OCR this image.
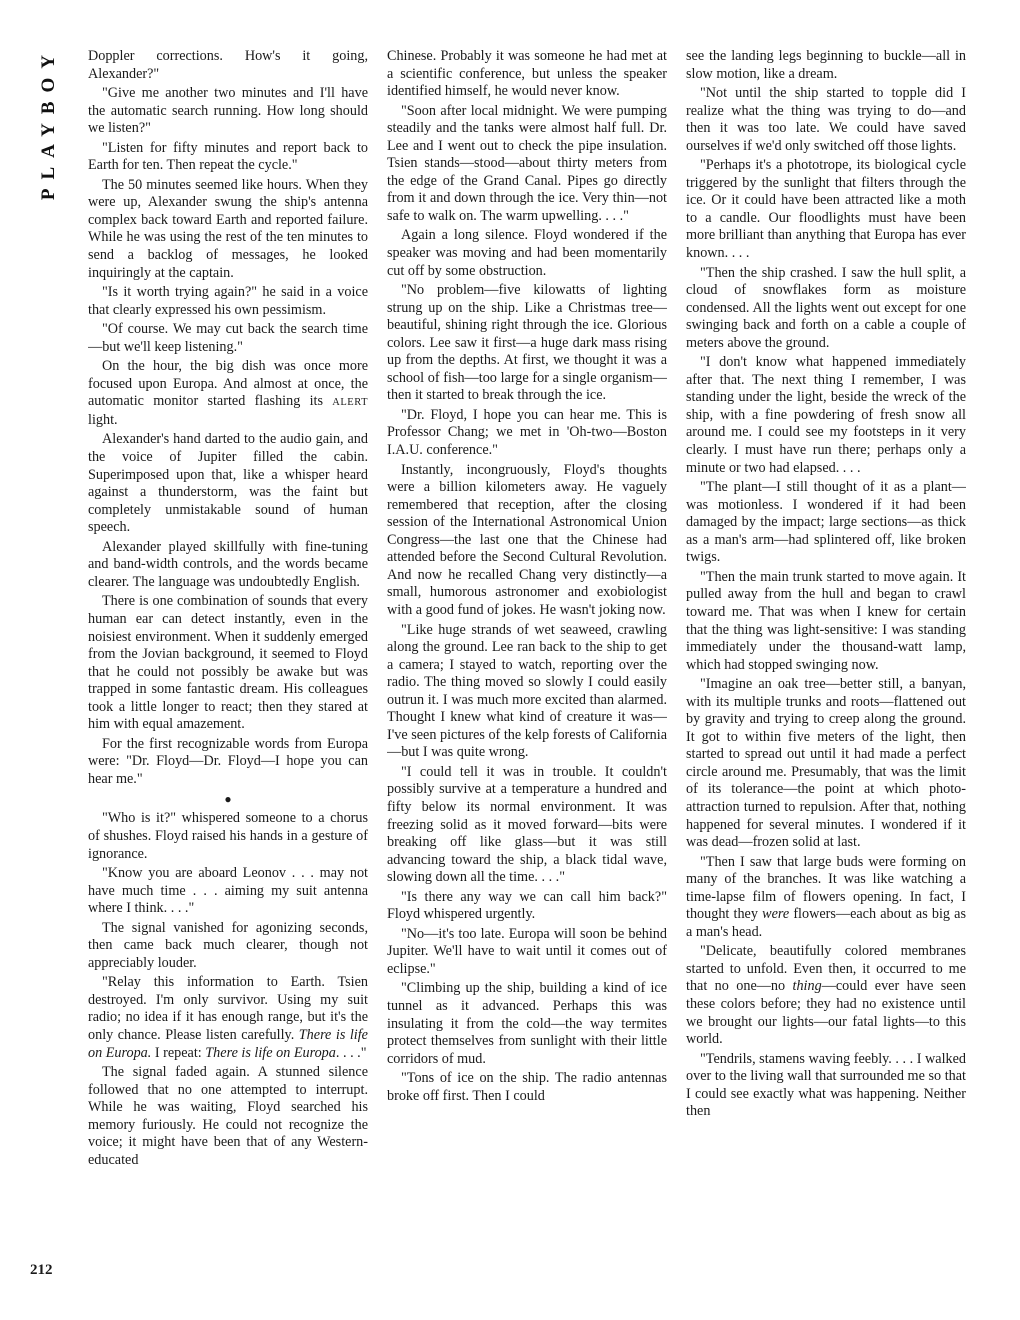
PLAYBOY
212

Doppler corrections. How's it going, Alexander?"

"Give me another two minutes and I'll have the automatic search running. How long should we listen?"

"Listen for fifty minutes and report back to Earth for ten. Then repeat the cycle."

The 50 minutes seemed like hours. When they were up, Alexander swung the ship's antenna complex back toward Earth and reported failure. While he was using the rest of the ten minutes to send a backlog of messages, he looked inquiringly at the captain.

"Is it worth trying again?" he said in a voice that clearly expressed his own pessimism.

"Of course. We may cut back the search time—but we'll keep listening."

On the hour, the big dish was once more focused upon Europa. And almost at once, the automatic monitor started flashing its ALERT light.

Alexander's hand darted to the audio gain, and the voice of Jupiter filled the cabin. Superimposed upon that, like a whisper heard against a thunderstorm, was the faint but completely unmistakable sound of human speech.

Alexander played skillfully with fine-tuning and band-width controls, and the words became clearer. The language was undoubtedly English.

There is one combination of sounds that every human ear can detect instantly, even in the noisiest environment. When it suddenly emerged from the Jovian background, it seemed to Floyd that he could not possibly be awake but was trapped in some fantastic dream. His colleagues took a little longer to react; then they stared at him with equal amazement.

For the first recognizable words from Europa were: "Dr. Floyd—Dr. Floyd—I hope you can hear me."

●

"Who is it?" whispered someone to a chorus of shushes. Floyd raised his hands in a gesture of ignorance.

"Know you are aboard Leonov . . . may not have much time . . . aiming my suit antenna where I think. . . ."

The signal vanished for agonizing seconds, then came back much clearer, though not appreciably louder.

"Relay this information to Earth. Tsien destroyed. I'm only survivor. Using my suit radio; no idea if it has enough range, but it's the only chance. Please listen carefully. There is life on Europa. I repeat: There is life on Europa. . . ."

The signal faded again. A stunned silence followed that no one attempted to interrupt. While he was waiting, Floyd searched his memory furiously. He could not recognize the voice; it might have been that of any Western-educated

Chinese. Probably it was someone he had met at a scientific conference, but unless the speaker identified himself, he would never know.

"Soon after local midnight. We were pumping steadily and the tanks were almost half full. Dr. Lee and I went out to check the pipe insulation. Tsien stands—stood—about thirty meters from the edge of the Grand Canal. Pipes go directly from it and down through the ice. Very thin—not safe to walk on. The warm upwelling. . . ."

Again a long silence. Floyd wondered if the speaker was moving and had been momentarily cut off by some obstruction.

"No problem—five kilowatts of lighting strung up on the ship. Like a Christmas tree—beautiful, shining right through the ice. Glorious colors. Lee saw it first—a huge dark mass rising up from the depths. At first, we thought it was a school of fish—too large for a single organism—then it started to break through the ice.

"Dr. Floyd, I hope you can hear me. This is Professor Chang; we met in 'Oh-two—Boston I.A.U. conference."

Instantly, incongruously, Floyd's thoughts were a billion kilometers away. He vaguely remembered that reception, after the closing session of the International Astronomical Union Congress—the last one that the Chinese had attended before the Second Cultural Revolution. And now he recalled Chang very distinctly—a small, humorous astronomer and exobiologist with a good fund of jokes. He wasn't joking now.

"Like huge strands of wet seaweed, crawling along the ground. Lee ran back to the ship to get a camera; I stayed to watch, reporting over the radio. The thing moved so slowly I could easily outrun it. I was much more excited than alarmed. Thought I knew what kind of creature it was—I've seen pictures of the kelp forests of California—but I was quite wrong.

"I could tell it was in trouble. It couldn't possibly survive at a temperature a hundred and fifty below its normal environment. It was freezing solid as it moved forward—bits were breaking off like glass—but it was still advancing toward the ship, a black tidal wave, slowing down all the time. . . ."

"Is there any way we can call him back?" Floyd whispered urgently.

"No—it's too late. Europa will soon be behind Jupiter. We'll have to wait until it comes out of eclipse."

"Climbing up the ship, building a kind of ice tunnel as it advanced. Perhaps this was insulating it from the cold—the way termites protect themselves from sunlight with their little corridors of mud.

"Tons of ice on the ship. The radio antennas broke off first. Then I could

see the landing legs beginning to buckle—all in slow motion, like a dream.

"Not until the ship started to topple did I realize what the thing was trying to do—and then it was too late. We could have saved ourselves if we'd only switched off those lights.

"Perhaps it's a phototrope, its biological cycle triggered by the sunlight that filters through the ice. Or it could have been attracted like a moth to a candle. Our floodlights must have been more brilliant than anything that Europa has ever known. . . .

"Then the ship crashed. I saw the hull split, a cloud of snowflakes form as moisture condensed. All the lights went out except for one swinging back and forth on a cable a couple of meters above the ground.

"I don't know what happened immediately after that. The next thing I remember, I was standing under the light, beside the wreck of the ship, with a fine powdering of fresh snow all around me. I could see my footsteps in it very clearly. I must have run there; perhaps only a minute or two had elapsed. . . .

"The plant—I still thought of it as a plant—was motionless. I wondered if it had been damaged by the impact; large sections—as thick as a man's arm—had splintered off, like broken twigs.

"Then the main trunk started to move again. It pulled away from the hull and began to crawl toward me. That was when I knew for certain that the thing was light-sensitive: I was standing immediately under the thousand-watt lamp, which had stopped swinging now.

"Imagine an oak tree—better still, a banyan, with its multiple trunks and roots—flattened out by gravity and trying to creep along the ground. It got to within five meters of the light, then started to spread out until it had made a perfect circle around me. Presumably, that was the limit of its tolerance—the point at which photo-attraction turned to repulsion. After that, nothing happened for several minutes. I wondered if it was dead—frozen solid at last.

"Then I saw that large buds were forming on many of the branches. It was like watching a time-lapse film of flowers opening. In fact, I thought they were flowers—each about as big as a man's head.

"Delicate, beautifully colored membranes started to unfold. Even then, it occurred to me that no one—no thing—could ever have seen these colors before; they had no existence until we brought our lights—our fatal lights—to this world.

"Tendrils, stamens waving feebly. . . . I walked over to the living wall that surrounded me so that I could see exactly what was happening. Neither then
